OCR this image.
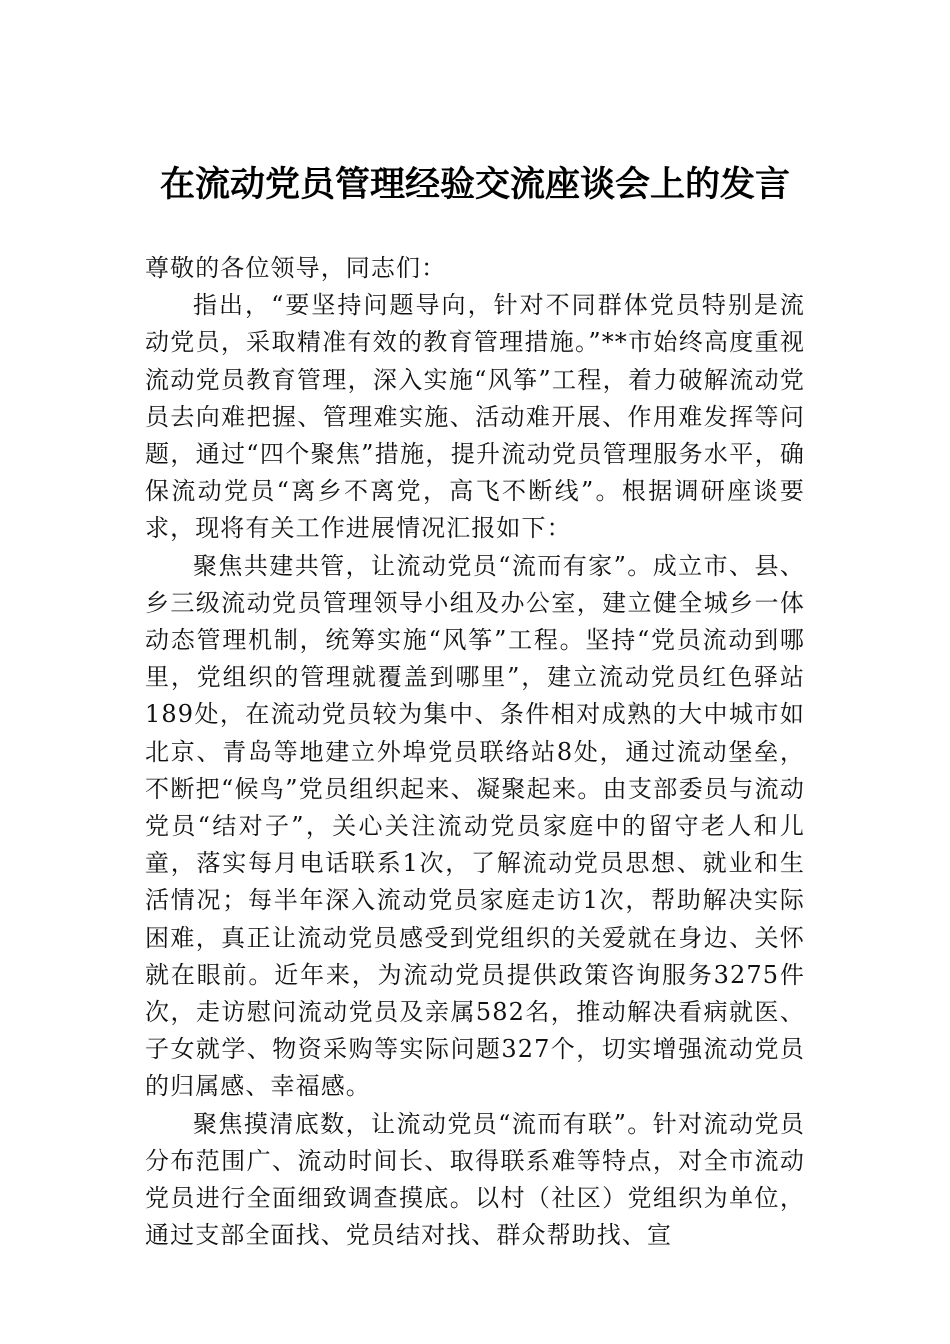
在流动党员管理经验交流座谈会上的发言

尊敬的各位领导，同志们：

指出，“要坚持问题导向，针对不同群体党员特别是流动党员，采取精准有效的教育管理措施。”**市始终高度重视流动党员教育管理，深入实施“风筝”工程，着力破解流动党员去向难把握、管理难实施、活动难开展、作用难发挥等问题，通过“四个聚焦”措施，提升流动党员管理服务水平，确保流动党员“离乡不离党，高飞不断线”。根据调研座谈要求，现将有关工作进展情况汇报如下：

聚焦共建共管，让流动党员“流而有家”。成立市、县、乡三级流动党员管理领导小组及办公室，建立健全城乡一体动态管理机制，统筹实施“风筝”工程。坚持“党员流动到哪里，党组织的管理就覆盖到哪里”，建立流动党员红色驿站189处，在流动党员较为集中、条件相对成熟的大中城市如北京、青岛等地建立外埠党员联络站8处，通过流动堡垒，不断把“候鸟”党员组织起来、凝聚起来。由支部委员与流动党员“结对子”，关心关注流动党员家庭中的留守老人和儿童，落实每月电话联系1次，了解流动党员思想、就业和生活情况；每半年深入流动党员家庭走访1次，帮助解决实际困难，真正让流动党员感受到党组织的关爱就在身边、关怀就在眼前。近年来，为流动党员提供政策咨询服务3275件次，走访慰问流动党员及亲属582名，推动解决看病就医、子女就学、物资采购等实际问题327个，切实增强流动党员的归属感、幸福感。

聚焦摸清底数，让流动党员“流而有联”。针对流动党员分布范围广、流动时间长、取得联系难等特点，对全市流动党员进行全面细致调查摸底。以村（社区）党组织为单位，通过支部全面找、党员结对找、群众帮助找、宣
